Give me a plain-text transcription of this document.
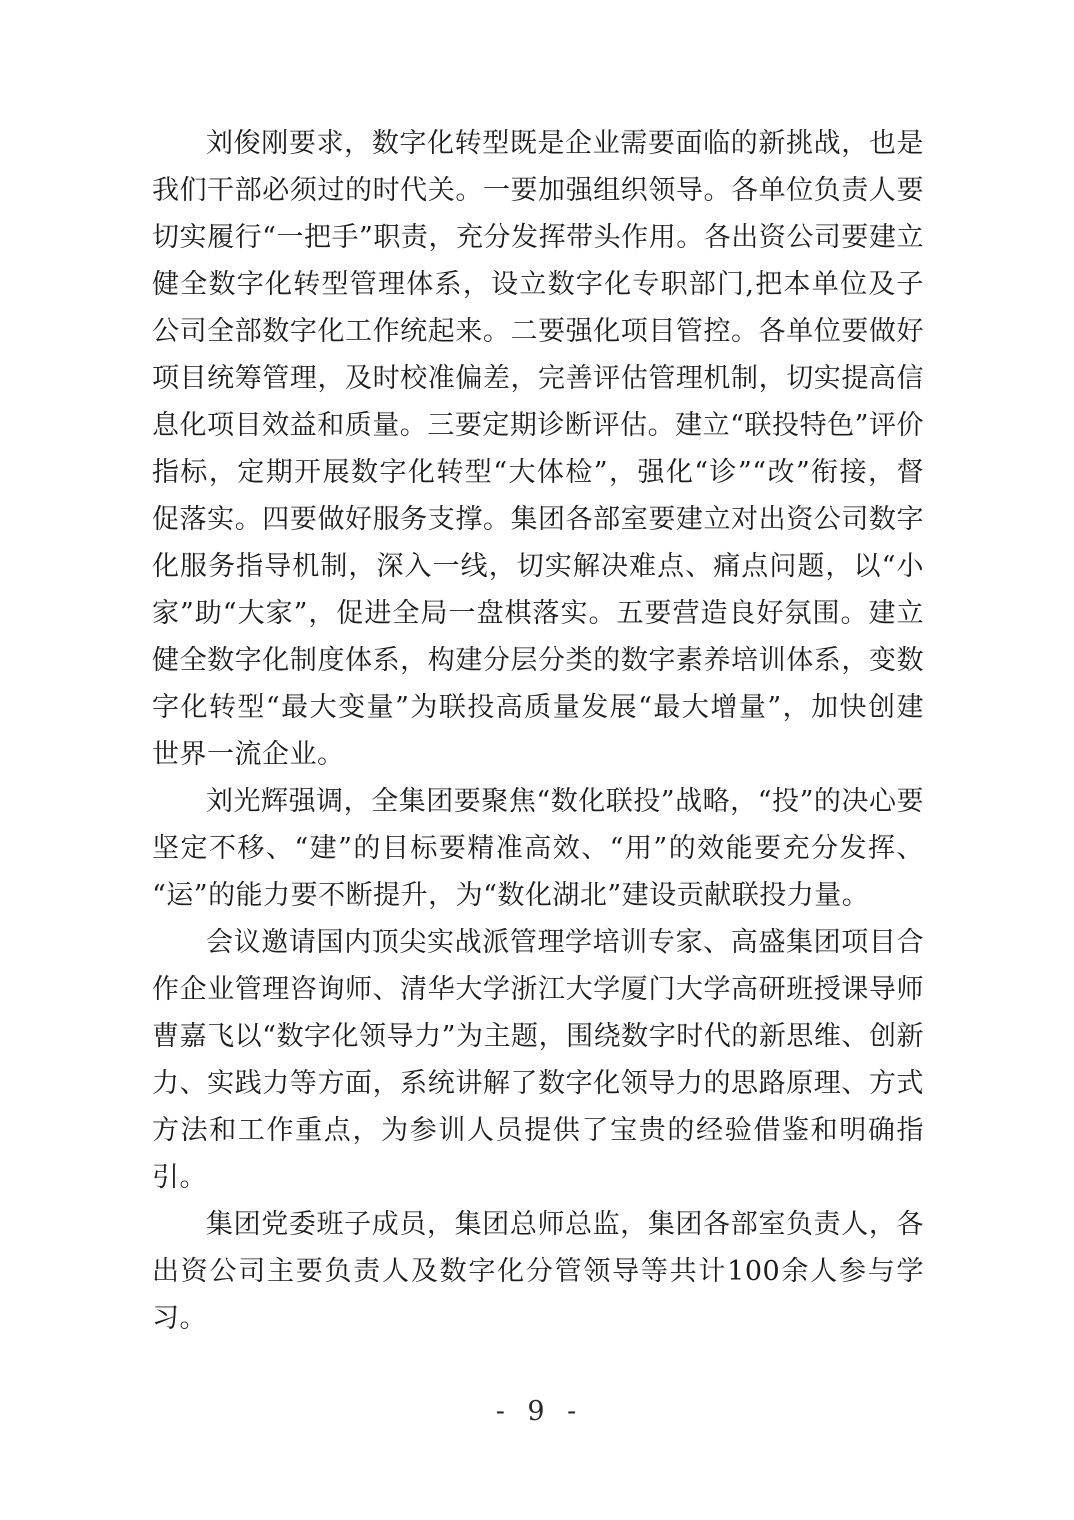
刘俊刚要求，数字化转型既是企业需要面临的新挑战，也是我们干部必须过的时代关。一要加强组织领导。各单位负责人要切实履行“一把手”职责，充分发挥带头作用。各出资公司要建立健全数字化转型管理体系，设立数字化专职部门,把本单位及子公司全部数字化工作统起来。二要强化项目管控。各单位要做好项目统筹管理，及时校准偏差，完善评估管理机制，切实提高信息化项目效益和质量。三要定期诊断评估。建立“联投特色”评价指标，定期开展数字化转型“大体检”，强化“诊”“改”衔接，督促落实。四要做好服务支撑。集团各部室要建立对出资公司数字化服务指导机制，深入一线，切实解决难点、痛点问题，以“小家”助“大家”，促进全局一盘棋落实。五要营造良好氛围。建立健全数字化制度体系，构建分层分类的数字素养培训体系，变数字化转型“最大变量”为联投高质量发展“最大增量”，加快创建世界一流企业。

刘光辉强调，全集团要聚焦“数化联投”战略，“投”的决心要坚定不移、“建”的目标要精准高效、“用”的效能要充分发挥、“运”的能力要不断提升，为“数化湖北”建设贡献联投力量。

会议邀请国内顶尖实战派管理学培训专家、高盛集团项目合作企业管理咨询师、清华大学浙江大学厦门大学高研班授课导师曹嘉飞以“数字化领导力”为主题，围绕数字时代的新思维、创新力、实践力等方面，系统讲解了数字化领导力的思路原理、方式方法和工作重点，为参训人员提供了宝贵的经验借鉴和明确指引。

集团党委班子成员，集团总师总监，集团各部室负责人，各出资公司主要负责人及数字化分管领导等共计100余人参与学习。

- 9 -
